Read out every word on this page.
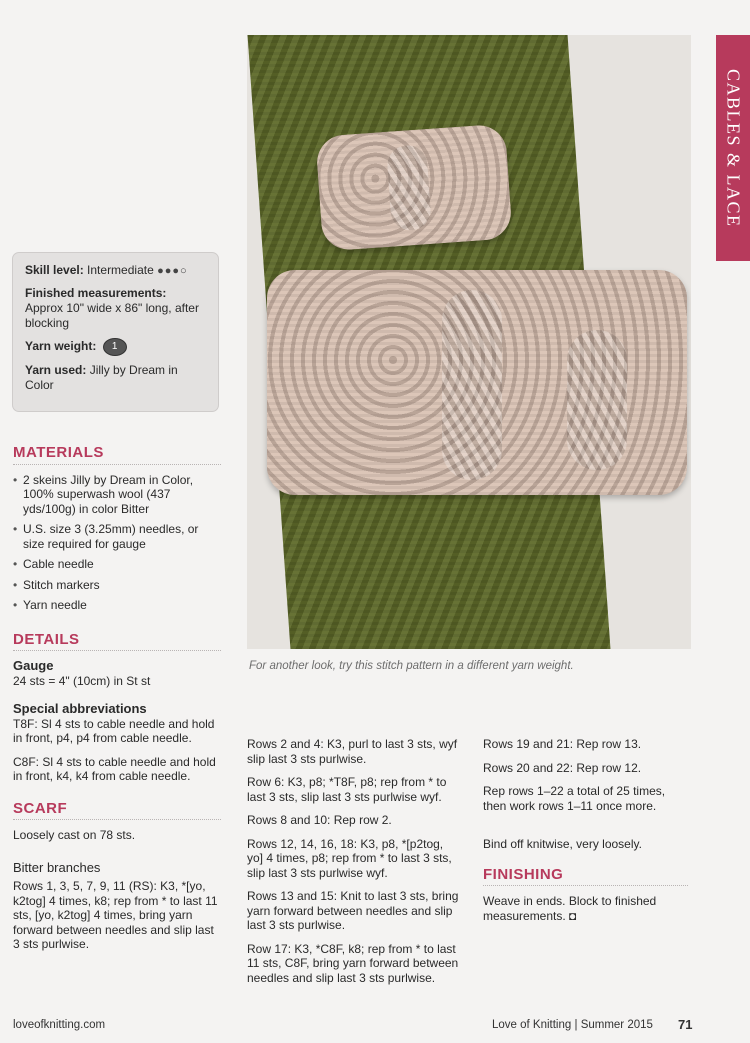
For another look, try this stitch pattern in a different yarn weight.

CABLES & LACE

Skill level: Intermediate ●●●○

Finished measurements:
Approx 10" wide x 86" long, after blocking

Yarn weight: 1

Yarn used: Jilly by Dream in Color

MATERIALS
• 2 skeins Jilly by Dream in Color, 100% superwash wool (437 yds/100g) in color Bitter
• U.S. size 3 (3.25mm) needles, or size required for gauge
• Cable needle
• Stitch markers
• Yarn needle
DETAILS

Gauge

24 sts = 4" (10cm) in St st

Special abbreviations

T8F: Sl 4 sts to cable needle and hold in front, p4, p4 from cable needle.

C8F: Sl 4 sts to cable needle and hold in front, k4, k4 from cable needle.

SCARF

Loosely cast on 78 sts.

Bitter branches

Rows 1, 3, 5, 7, 9, 11 (RS): K3, *[yo, k2tog] 4 times, k8; rep from * to last 11 sts, [yo, k2tog] 4 times, bring yarn forward between needles and slip last 3 sts purlwise.

Rows 2 and 4: K3, purl to last 3 sts, wyf slip last 3 sts purlwise.

Row 6: K3, p8; *T8F, p8; rep from * to last 3 sts, slip last 3 sts purlwise wyf.

Rows 8 and 10: Rep row 2.

Rows 12, 14, 16, 18: K3, p8, *[p2tog, yo] 4 times, p8; rep from * to last 3 sts, slip last 3 sts purlwise wyf.

Rows 13 and 15: Knit to last 3 sts, bring yarn forward between needles and slip last 3 sts purlwise.

Row 17: K3, *C8F, k8; rep from * to last 11 sts, C8F, bring yarn forward between needles and slip last 3 sts purlwise.

Rows 19 and 21: Rep row 13.

Rows 20 and 22: Rep row 12.

Rep rows 1–22 a total of 25 times, then work rows 1–11 once more.

Bind off knitwise, very loosely.

FINISHING

Weave in ends. Block to finished measurements. ◘

loveofknitting.com	Love of Knitting | Summer 2015 71
